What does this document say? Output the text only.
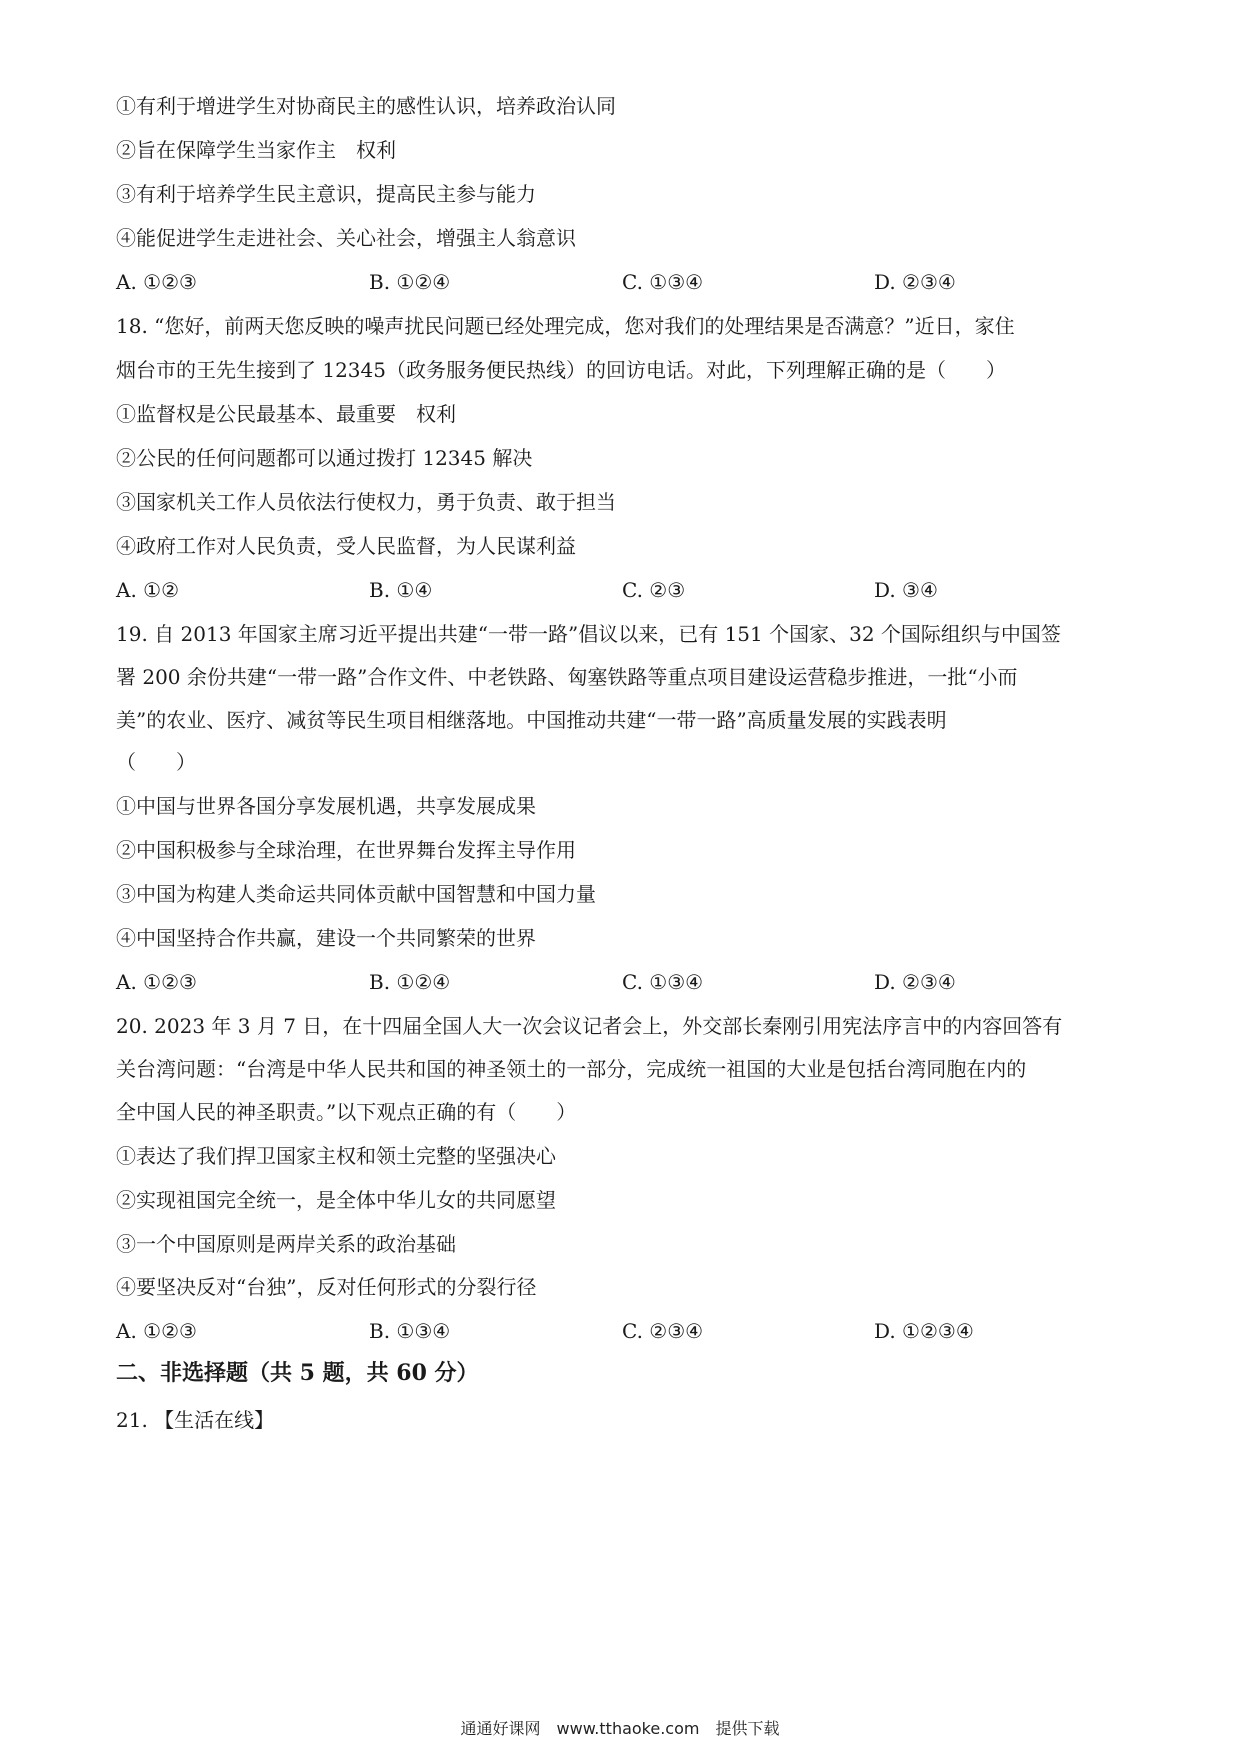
①有利于增进学生对协商民主的感性认识，培养政治认同
②旨在保障学生当家作主　权利
③有利于培养学生民主意识，提高民主参与能力
④能促进学生走进社会、关心社会，增强主人翁意识
A. ①②③	B. ①②④	C. ①③④	D. ②③④
18. “您好，前两天您反映的噪声扰民问题已经处理完成，您对我们的处理结果是否满意？”近日，家住
烟台市的王先生接到了 12345（政务服务便民热线）的回访电话。对此，下列理解正确的是（　　）
①监督权是公民最基本、最重要　权利
②公民的任何问题都可以通过拨打 12345 解决
③国家机关工作人员依法行使权力，勇于负责、敢于担当
④政府工作对人民负责，受人民监督，为人民谋利益
A. ①②	B. ①④	C. ②③	D. ③④
19. 自 2013 年国家主席习近平提出共建“一带一路”倡议以来，已有 151 个国家、32 个国际组织与中国签
署 200 余份共建“一带一路”合作文件、中老铁路、匈塞铁路等重点项目建设运营稳步推进，一批“小而
美”的农业、医疗、减贫等民生项目相继落地。中国推动共建“一带一路”高质量发展的实践表明
（　　）
①中国与世界各国分享发展机遇，共享发展成果
②中国积极参与全球治理，在世界舞台发挥主导作用
③中国为构建人类命运共同体贡献中国智慧和中国力量
④中国坚持合作共赢，建设一个共同繁荣的世界
A. ①②③	B. ①②④	C. ①③④	D. ②③④
20. 2023 年 3 月 7 日，在十四届全国人大一次会议记者会上，外交部长秦刚引用宪法序言中的内容回答有
关台湾问题：“台湾是中华人民共和国的神圣领土的一部分，完成统一祖国的大业是包括台湾同胞在内的
全中国人民的神圣职责。”以下观点正确的有（　　）
①表达了我们捍卫国家主权和领土完整的坚强决心
②实现祖国完全统一，是全体中华儿女的共同愿望
③一个中国原则是两岸关系的政治基础
④要坚决反对“台独”，反对任何形式的分裂行径
A. ①②③	B. ①③④	C. ②③④	D. ①②③④
二、非选择题（共 5 题，共 60 分）
21. 【生活在线】
通通好课网　www.tthaoke.com　提供下载
